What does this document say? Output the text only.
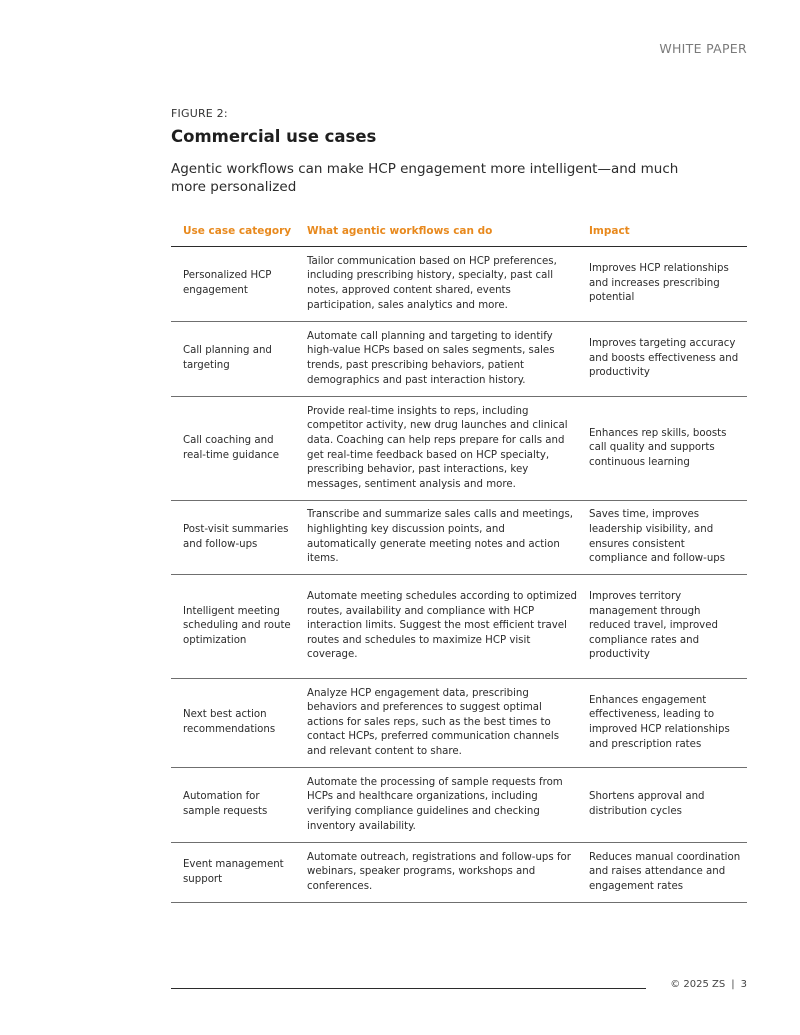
WHITE PAPER
FIGURE 2:
Commercial use cases
Agentic workflows can make HCP engagement more intelligent—and much more personalized
Use case category	What agentic workflows can do	Impact
Personalized HCP engagement	Tailor communication based on HCP preferences, including prescribing history, specialty, past call notes, approved content shared, events participation, sales analytics and more.	Improves HCP relationships and increases prescribing potential
Call planning and targeting	Automate call planning and targeting to identify high-value HCPs based on sales segments, sales trends, past prescribing behaviors, patient demographics and past interaction history.	Improves targeting accuracy and boosts effectiveness and productivity
Call coaching and real-time guidance	Provide real-time insights to reps, including competitor activity, new drug launches and clinical data. Coaching can help reps prepare for calls and get real-time feedback based on HCP specialty, prescribing behavior, past interactions, key messages, sentiment analysis and more.	Enhances rep skills, boosts call quality and supports continuous learning
Post-visit summaries and follow-ups	Transcribe and summarize sales calls and meetings, highlighting key discussion points, and automatically generate meeting notes and action items.	Saves time, improves leadership visibility, and ensures consistent compliance and follow-ups
Intelligent meeting scheduling and route optimization	Automate meeting schedules according to optimized routes, availability and compliance with HCP interaction limits. Suggest the most efficient travel routes and schedules to maximize HCP visit coverage.	Improves territory management through reduced travel, improved compliance rates and productivity
Next best action recommendations	Analyze HCP engagement data, prescribing behaviors and preferences to suggest optimal actions for sales reps, such as the best times to contact HCPs, preferred communication channels and relevant content to share.	Enhances engagement effectiveness, leading to improved HCP relationships and prescription rates
Automation for sample requests	Automate the processing of sample requests from HCPs and healthcare organizations, including verifying compliance guidelines and checking inventory availability.	Shortens approval and distribution cycles
Event management support	Automate outreach, registrations and follow-ups for webinars, speaker programs, workshops and conferences.	Reduces manual coordination and raises attendance and engagement rates
© 2025 ZS | 3
